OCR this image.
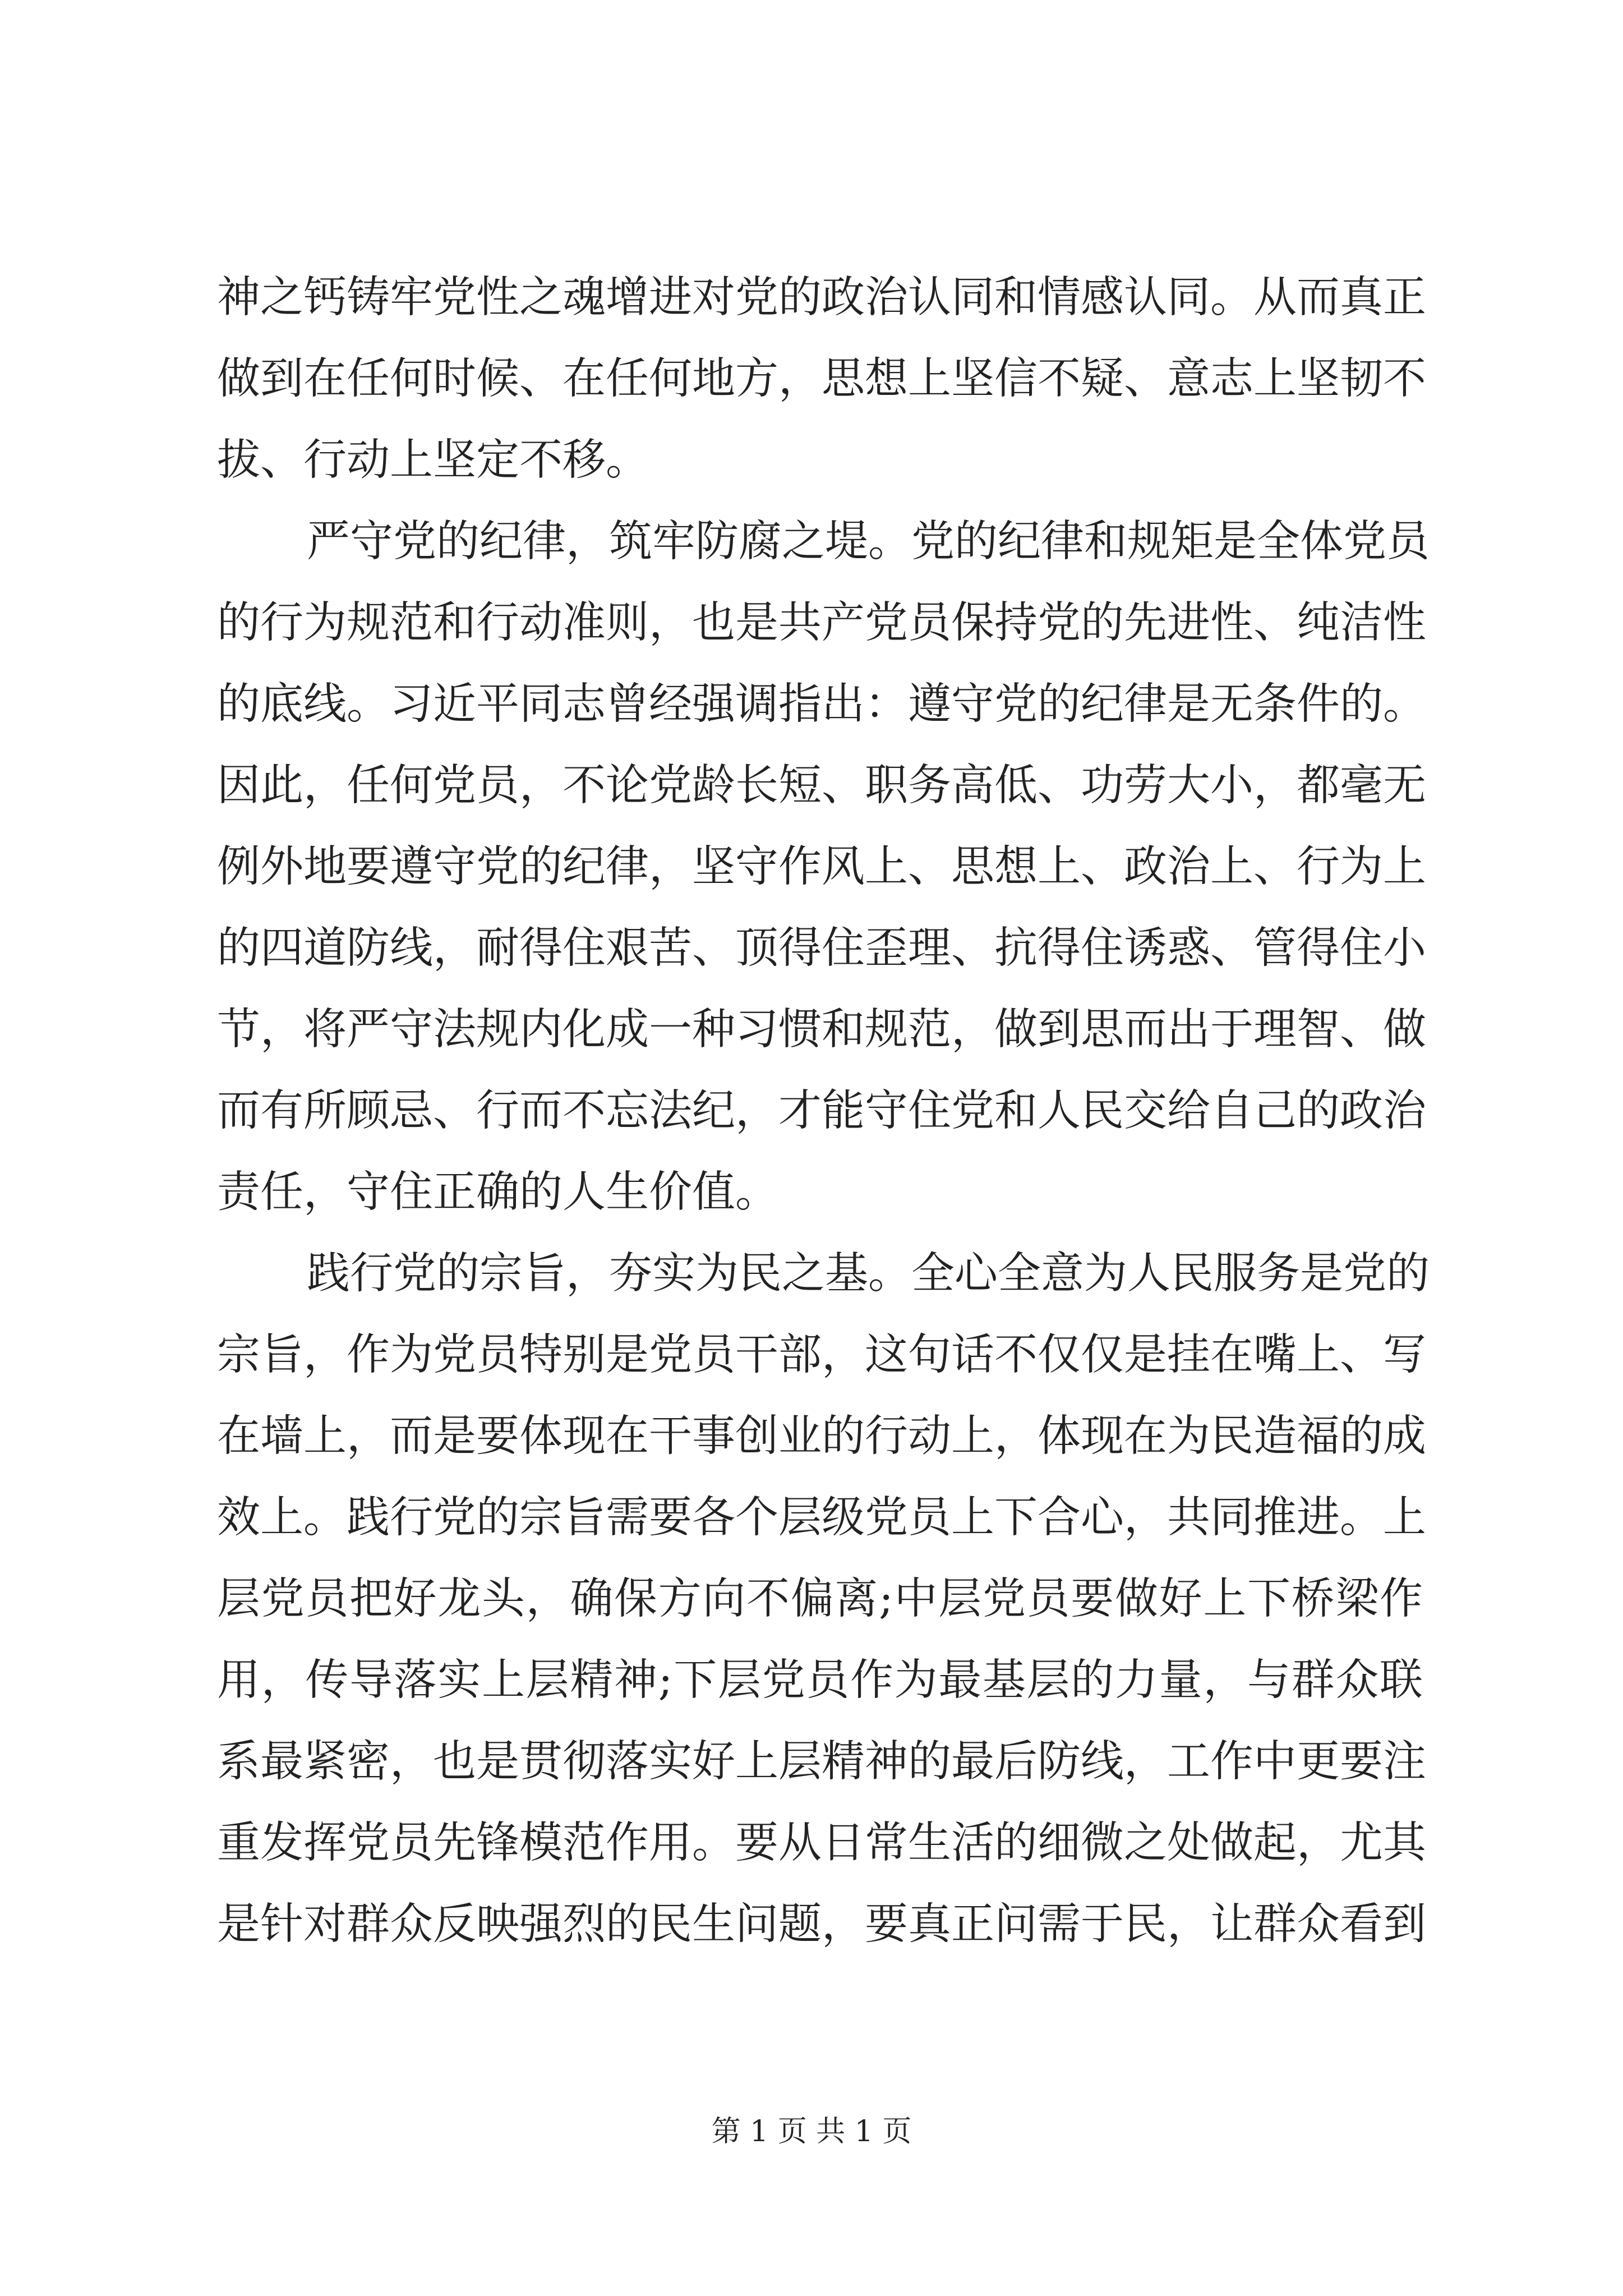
神之钙铸牢党性之魂增进对党的政治认同和情感认同。从而真正
做到在任何时候、在任何地方，思想上坚信不疑、意志上坚韧不
拔、行动上坚定不移。
严守党的纪律，筑牢防腐之堤。党的纪律和规矩是全体党员
的行为规范和行动准则，也是共产党员保持党的先进性、纯洁性
的底线。习近平同志曾经强调指出：遵守党的纪律是无条件的。
因此，任何党员，不论党龄长短、职务高低、功劳大小，都毫无
例外地要遵守党的纪律，坚守作风上、思想上、政治上、行为上
的四道防线，耐得住艰苦、顶得住歪理、抗得住诱惑、管得住小
节，将严守法规内化成一种习惯和规范，做到思而出于理智、做
而有所顾忌、行而不忘法纪，才能守住党和人民交给自己的政治
责任，守住正确的人生价值。
践行党的宗旨，夯实为民之基。全心全意为人民服务是党的
宗旨，作为党员特别是党员干部，这句话不仅仅是挂在嘴上、写
在墙上，而是要体现在干事创业的行动上，体现在为民造福的成
效上。践行党的宗旨需要各个层级党员上下合心，共同推进。上
层党员把好龙头，确保方向不偏离;中层党员要做好上下桥梁作
用，传导落实上层精神;下层党员作为最基层的力量，与群众联
系最紧密，也是贯彻落实好上层精神的最后防线，工作中更要注
重发挥党员先锋模范作用。要从日常生活的细微之处做起，尤其
是针对群众反映强烈的民生问题，要真正问需于民，让群众看到
第 1 页 共 1 页
